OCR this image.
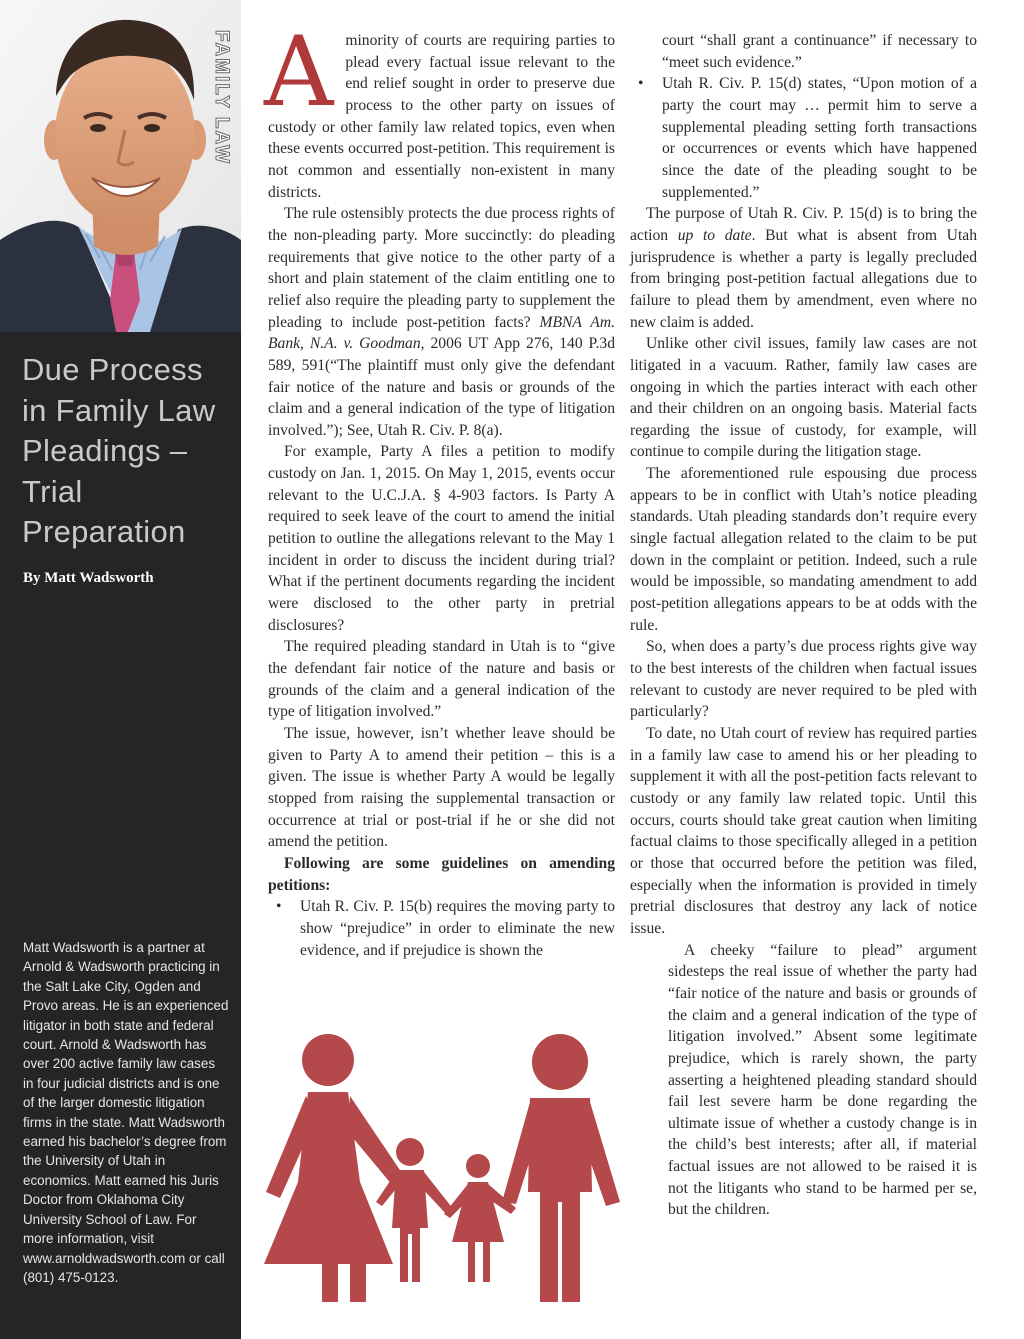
FAMILY LAW
Due Process in Family Law Pleadings – Trial Preparation
By Matt Wadsworth
Matt Wadsworth is a partner at Arnold & Wadsworth practicing in the Salt Lake City, Ogden and Provo areas. He is an experienced litigator in both state and federal court. Arnold & Wadsworth has over 200 active family law cases in four judicial districts and is one of the larger domestic litigation firms in the state. Matt Wadsworth earned his bachelor’s degree from the University of Utah in economics. Matt earned his Juris Doctor from Oklahoma City University School of Law. For more information, visit www.arnoldwadsworth.com or call (801) 475-0123.

Aminority of courts are requiring parties to plead every factual issue relevant to the end relief sought in order to preserve due process to the other party on issues of custody or other family law related topics, even when these events occurred post-petition. This requirement is not common and essentially non-existent in many districts.

The rule ostensibly protects the due process rights of the non-pleading party. More succinctly: do pleading requirements that give notice to the other party of a short and plain statement of the claim entitling one to relief also require the pleading party to supplement the pleading to include post-petition facts? MBNA Am. Bank, N.A. v. Goodman, 2006 UT App 276, 140 P.3d 589, 591(“The plaintiff must only give the defendant fair notice of the nature and basis or grounds of the claim and a general indication of the type of litigation involved.”); See, Utah R. Civ. P. 8(a).

For example, Party A files a petition to modify custody on Jan. 1, 2015. On May 1, 2015, events occur relevant to the U.C.J.A. § 4-903 factors. Is Party A required to seek leave of the court to amend the initial petition to outline the allegations relevant to the May 1 incident in order to discuss the incident during trial? What if the pertinent documents regarding the incident were disclosed to the other party in pretrial disclosures?

The required pleading standard in Utah is to “give the defendant fair notice of the nature and basis or grounds of the claim and a general indication of the type of litigation involved.”

The issue, however, isn’t whether leave should be given to Party A to amend their petition – this is a given. The issue is whether Party A would be legally stopped from raising the supplemental transaction or occurrence at trial or post-trial if he or she did not amend the petition.

Following are some guidelines on amending petitions:

• Utah R. Civ. P. 15(b) requires the moving party to show “prejudice” in order to eliminate the new evidence, and if prejudice is shown the
court “shall grant a continuance” if necessary to “meet such evidence.”
• Utah R. Civ. P. 15(d) states, “Upon motion of a party the court may … permit him to serve a supplemental pleading setting forth transactions or occurrences or events which have happened since the date of the pleading sought to be supplemented.”

The purpose of Utah R. Civ. P. 15(d) is to bring the action up to date. But what is absent from Utah jurisprudence is whether a party is legally precluded from bringing post-petition factual allegations due to failure to plead them by amendment, even where no new claim is added.

Unlike other civil issues, family law cases are not litigated in a vacuum. Rather, family law cases are ongoing in which the parties interact with each other and their children on an ongoing basis. Material facts regarding the issue of custody, for example, will continue to compile during the litigation stage.

The aforementioned rule espousing due process appears to be in conflict with Utah’s notice pleading standards. Utah pleading standards don’t require every single factual allegation related to the claim to be put down in the complaint or petition. Indeed, such a rule would be impossible, so mandating amendment to add post-petition allegations appears to be at odds with the rule.

So, when does a party’s due process rights give way to the best interests of the children when factual issues relevant to custody are never required to be pled with particularly?

To date, no Utah court of review has required parties in a family law case to amend his or her pleading to supplement it with all the post-petition facts relevant to custody or any family law related topic. Until this occurs, courts should take great caution when limiting factual claims to those specifically alleged in a petition or those that occurred before the petition was filed, especially when the information is provided in timely pretrial disclosures that destroy any lack of notice issue.

A cheeky “failure to plead” argument sidesteps the real issue of whether the party had “fair notice of the nature and basis or grounds of the claim and a general indication of the type of litigation involved.” Absent some legitimate prejudice, which is rarely shown, the party asserting a heightened pleading standard should fail lest severe harm be done regarding the ultimate issue of whether a custody change is in the child’s best interests; after all, if material factual issues are not allowed to be raised it is not the litigants who stand to be harmed per se, but the children.
